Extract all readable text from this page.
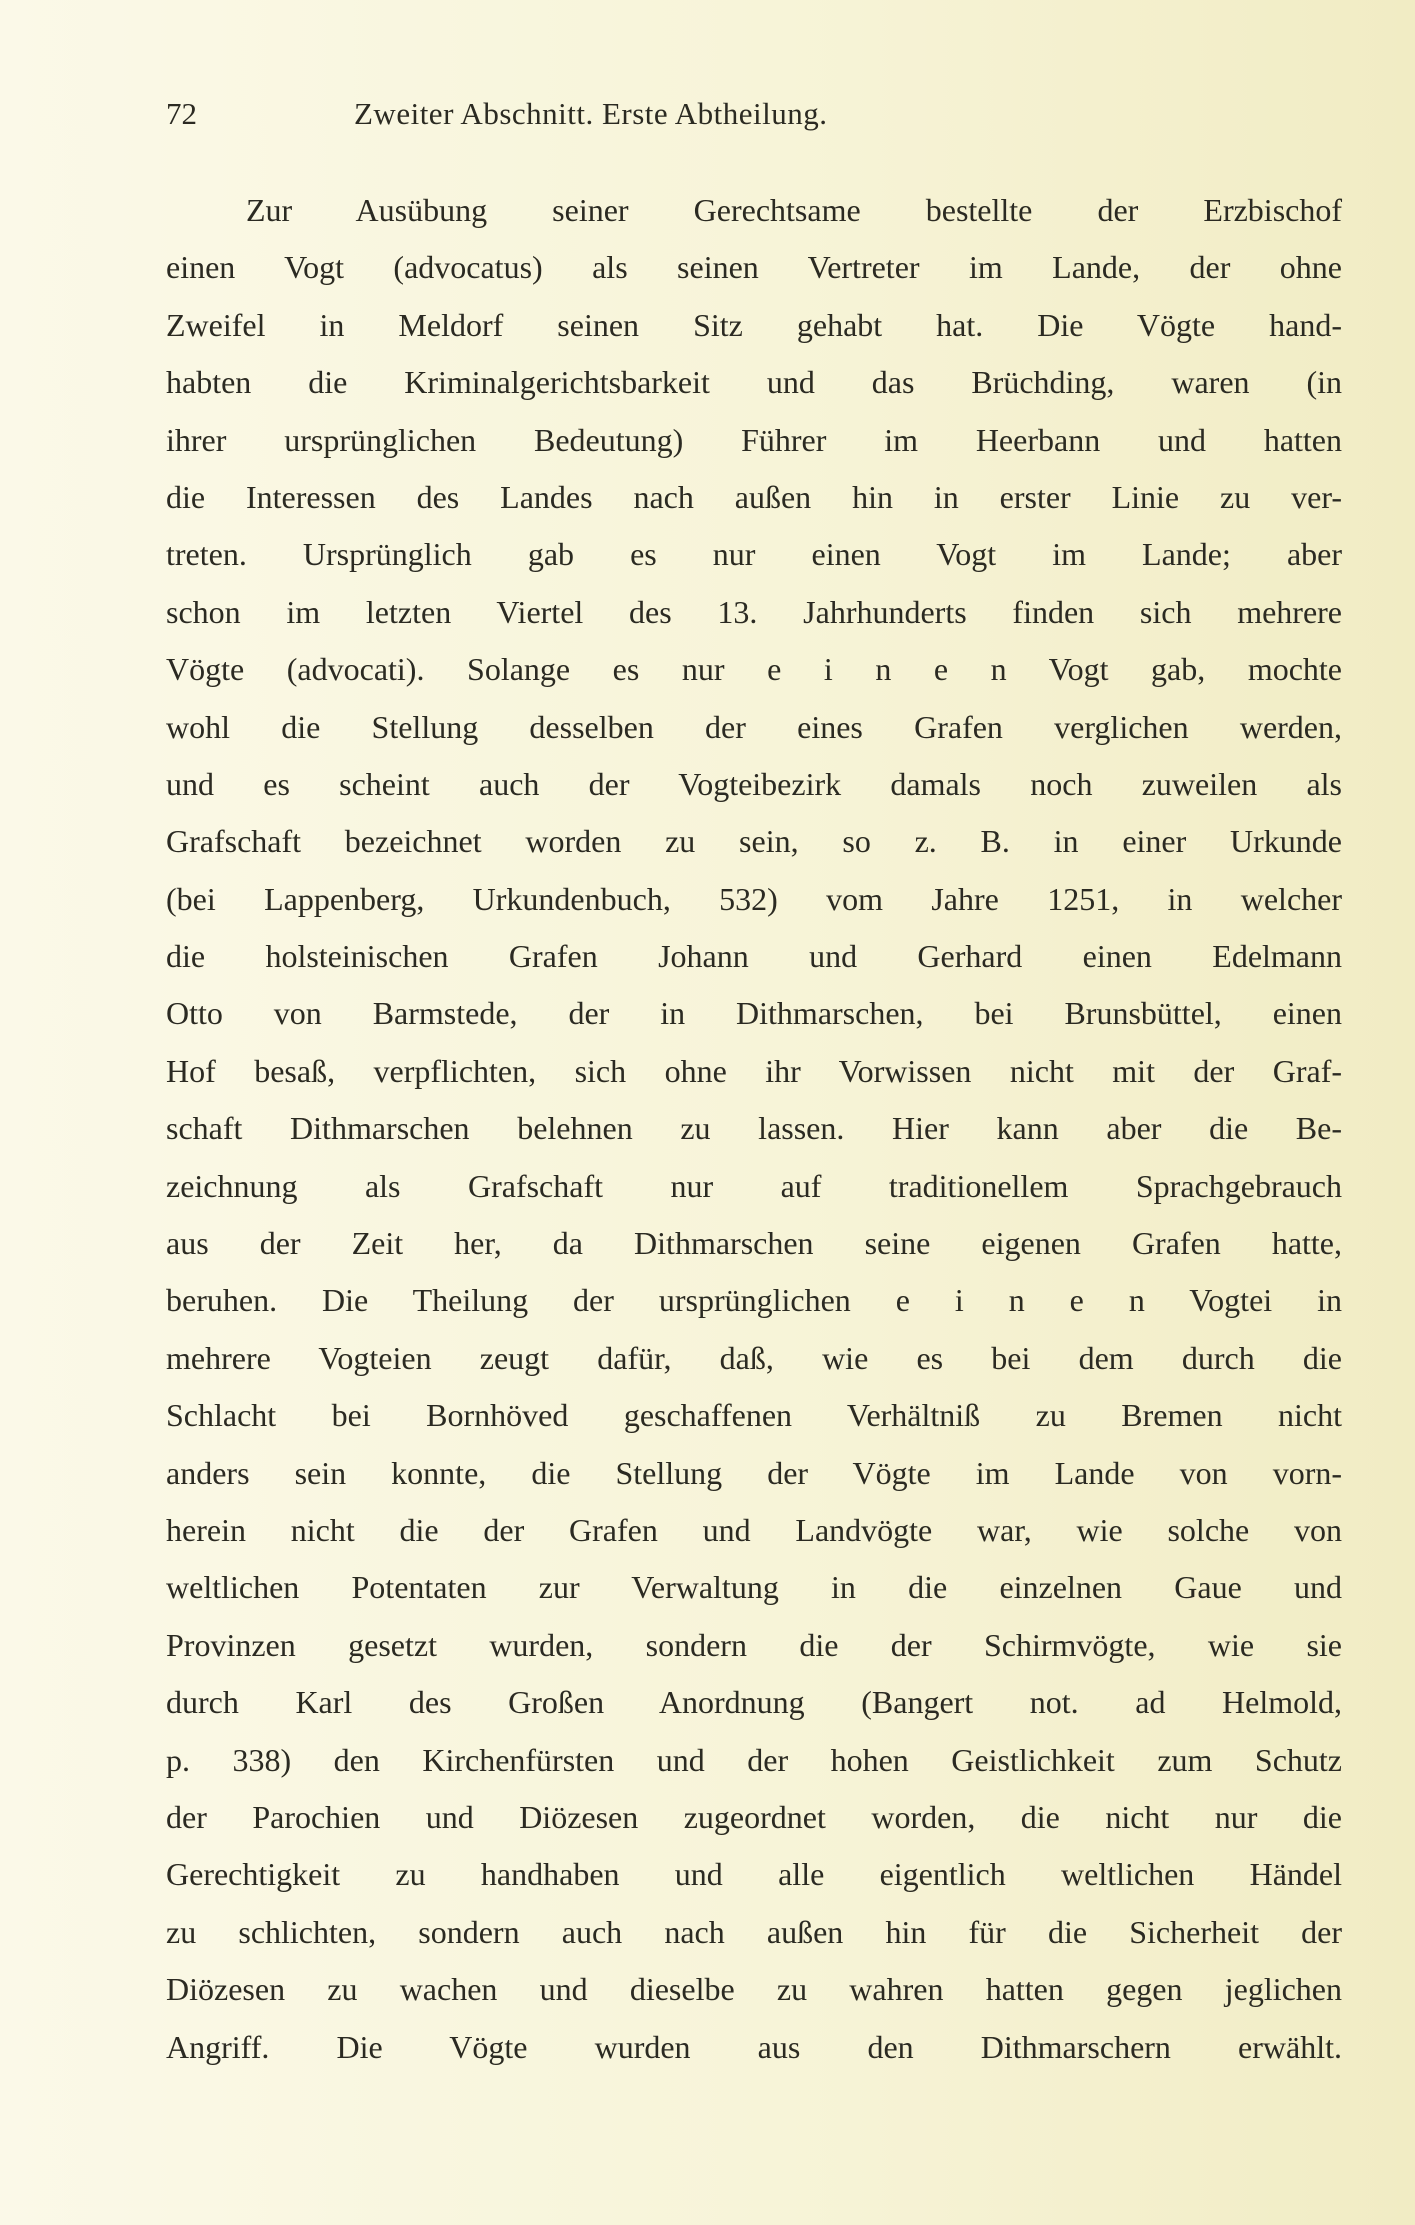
72	Zweiter Abschnitt. Erste Abtheilung.
Zur Ausübung seiner Gerechtsame bestellte der Erzbischof
einen Vogt (advocatus) als seinen Vertreter im Lande, der ohne
Zweifel in Meldorf seinen Sitz gehabt hat. Die Vögte hand-
habten die Kriminalgerichtsbarkeit und das Brüchding, waren (in
ihrer ursprünglichen Bedeutung) Führer im Heerbann und hatten
die Interessen des Landes nach außen hin in erster Linie zu ver-
treten. Ursprünglich gab es nur einen Vogt im Lande; aber
schon im letzten Viertel des 13. Jahrhunderts finden sich mehrere
Vögte (advocati). Solange es nur e i n e n Vogt gab, mochte
wohl die Stellung desselben der eines Grafen verglichen werden,
und es scheint auch der Vogteibezirk damals noch zuweilen als
Grafschaft bezeichnet worden zu sein, so z. B. in einer Urkunde
(bei Lappenberg, Urkundenbuch, 532) vom Jahre 1251, in welcher
die holsteinischen Grafen Johann und Gerhard einen Edelmann
Otto von Barmstede, der in Dithmarschen, bei Brunsbüttel, einen
Hof besaß, verpflichten, sich ohne ihr Vorwissen nicht mit der Graf-
schaft Dithmarschen belehnen zu lassen. Hier kann aber die Be-
zeichnung als Grafschaft nur auf traditionellem Sprachgebrauch
aus der Zeit her, da Dithmarschen seine eigenen Grafen hatte,
beruhen. Die Theilung der ursprünglichen e i n e n Vogtei in
mehrere Vogteien zeugt dafür, daß, wie es bei dem durch die
Schlacht bei Bornhöved geschaffenen Verhältniß zu Bremen nicht
anders sein konnte, die Stellung der Vögte im Lande von vorn-
herein nicht die der Grafen und Landvögte war, wie solche von
weltlichen Potentaten zur Verwaltung in die einzelnen Gaue und
Provinzen gesetzt wurden, sondern die der Schirmvögte, wie sie
durch Karl des Großen Anordnung (Bangert not. ad Helmold,
p. 338) den Kirchenfürsten und der hohen Geistlichkeit zum Schutz
der Parochien und Diözesen zugeordnet worden, die nicht nur die
Gerechtigkeit zu handhaben und alle eigentlich weltlichen Händel
zu schlichten, sondern auch nach außen hin für die Sicherheit der
Diözesen zu wachen und dieselbe zu wahren hatten gegen jeglichen
Angriff. Die Vögte wurden aus den Dithmarschern erwählt.
